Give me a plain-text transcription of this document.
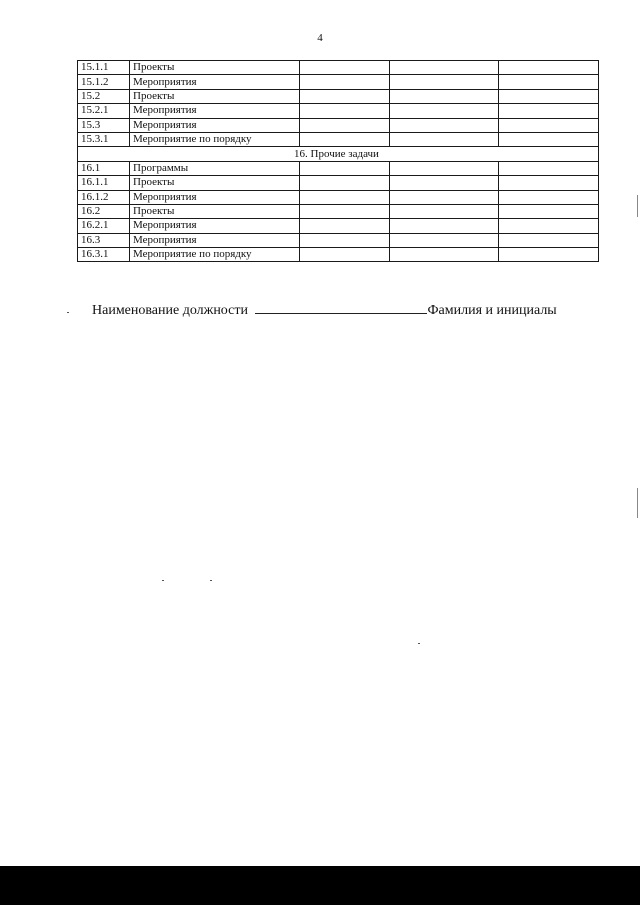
4
15.1.1	Проекты			
15.1.2	Мероприятия			
15.2	Проекты			
15.2.1	Мероприятия			
15.3	Мероприятия			
15.3.1	Мероприятие по порядку			
16. Прочие задачи				
16.1	Программы			
16.1.1	Проекты			
16.1.2	Мероприятия			
16.2	Проекты			
16.2.1	Мероприятия			
16.3	Мероприятия			
16.3.1	Мероприятие по порядку			
Наименование должности	Фамилия и инициалы
